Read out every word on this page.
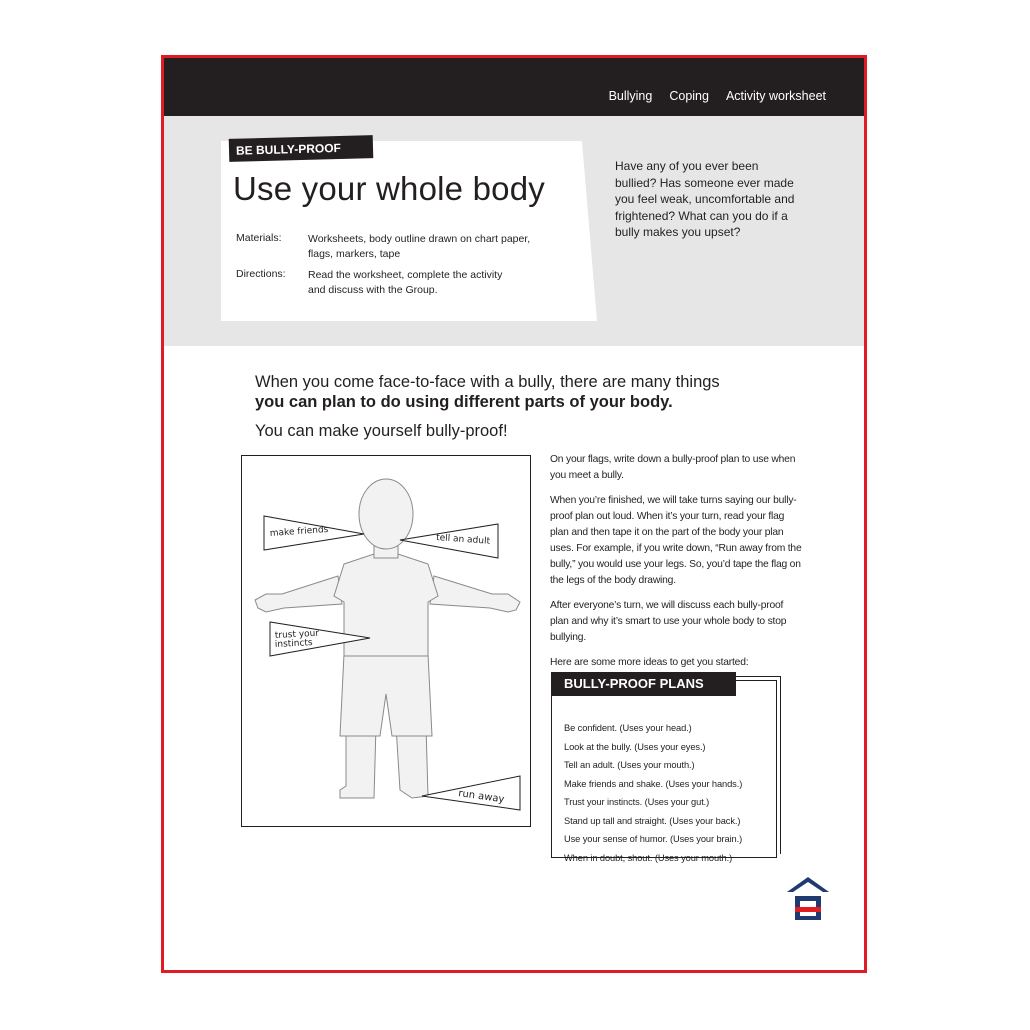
Bullying Coping Activity worksheet
BE BULLY-PROOF
Use your whole body
Materials:	Worksheets, body outline drawn on chart paper, flags, markers, tape
Directions: Read the worksheet, complete the activity and discuss with the Group.
Have any of you ever been bullied? Has someone ever made you feel weak, uncomfortable and frightened? What can you do if a bully makes you upset?
When you come face-to-face with a bully, there are many things
you can plan to do using different parts of your body.
You can make yourself bully-proof!
make friends
tell an adult
trust your
instincts
run away

On your flags, write down a bully-proof plan to use when you meet a bully.

When you’re finished, we will take turns saying our bully-proof plan out loud. When it’s your turn, read your flag plan and then tape it on the part of the body your plan uses. For example, if you write down, “Run away from the bully,” you would use your legs. So, you’d tape the flag on the legs of the body drawing.

After everyone’s turn, we will discuss each bully-proof plan and why it’s smart to use your whole body to stop bullying.

Here are some more ideas to get you started:

BULLY-PROOF PLANS
Be confident. (Uses your head.)
Look at the bully. (Uses your eyes.)
Tell an adult. (Uses your mouth.)
Make friends and shake. (Uses your hands.)
Trust your instincts. (Uses your gut.)
Stand up tall and straight. (Uses your back.)
Use your sense of humor. (Uses your brain.)
When in doubt, shout. (Uses your mouth.)
